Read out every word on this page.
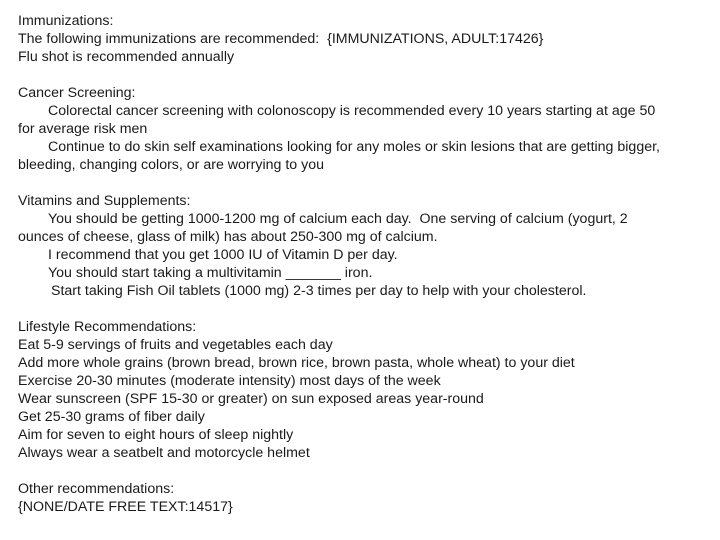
Immunizations:
The following immunizations are recommended:  {IMMUNIZATIONS, ADULT:17426}
Flu shot is recommended annually
Cancer Screening:
Colorectal cancer screening with colonoscopy is recommended every 10 years starting at age 50
for average risk men
Continue to do skin self examinations looking for any moles or skin lesions that are getting bigger,
bleeding, changing colors, or are worrying to you
Vitamins and Supplements:
You should be getting 1000-1200 mg of calcium each day.  One serving of calcium (yogurt, 2
ounces of cheese, glass of milk) has about 250-300 mg of calcium.
I recommend that you get 1000 IU of Vitamin D per day.
You should start taking a multivitamin _______ iron.
Start taking Fish Oil tablets (1000 mg) 2-3 times per day to help with your cholesterol.
Lifestyle Recommendations:
Eat 5-9 servings of fruits and vegetables each day
Add more whole grains (brown bread, brown rice, brown pasta, whole wheat) to your diet
Exercise 20-30 minutes (moderate intensity) most days of the week
Wear sunscreen (SPF 15-30 or greater) on sun exposed areas year-round
Get 25-30 grams of fiber daily
Aim for seven to eight hours of sleep nightly
Always wear a seatbelt and motorcycle helmet
Other recommendations:
{NONE/DATE FREE TEXT:14517}
